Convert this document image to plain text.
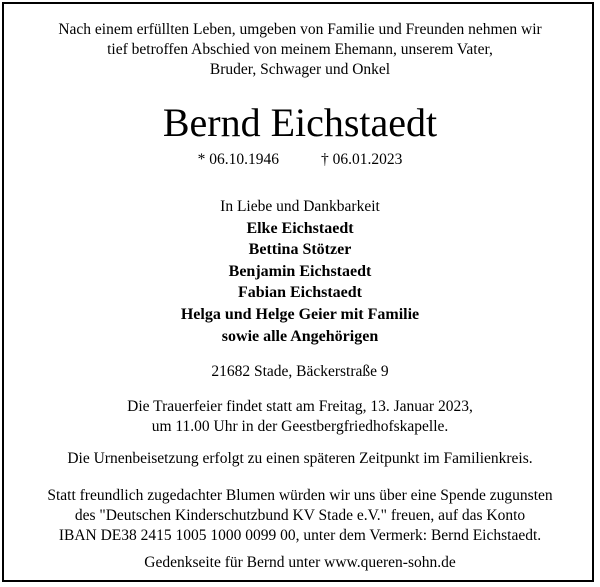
Nach einem erfüllten Leben, umgeben von Familie und Freunden nehmen wir
tief betroffen Abschied von meinem Ehemann, unserem Vater,
Bruder, Schwager und Onkel
Bernd Eichstaedt
* 06.10.1946	† 06.01.2023
In Liebe und Dankbarkeit
Elke Eichstaedt
Bettina Stötzer
Benjamin Eichstaedt
Fabian Eichstaedt
Helga und Helge Geier mit Familie
sowie alle Angehörigen
21682 Stade, Bäckerstraße 9
Die Trauerfeier findet statt am Freitag, 13. Januar 2023,
um 11.00 Uhr in der Geestbergfriedhofskapelle.
Die Urnenbeisetzung erfolgt zu einen späteren Zeitpunkt im Familienkreis.
Statt freundlich zugedachter Blumen würden wir uns über eine Spende zugunsten
des "Deutschen Kinderschutzbund KV Stade e.V." freuen, auf das Konto
IBAN DE38 2415 1005 1000 0099 00, unter dem Vermerk: Bernd Eichstaedt.
Gedenkseite für Bernd unter www.queren-sohn.de
